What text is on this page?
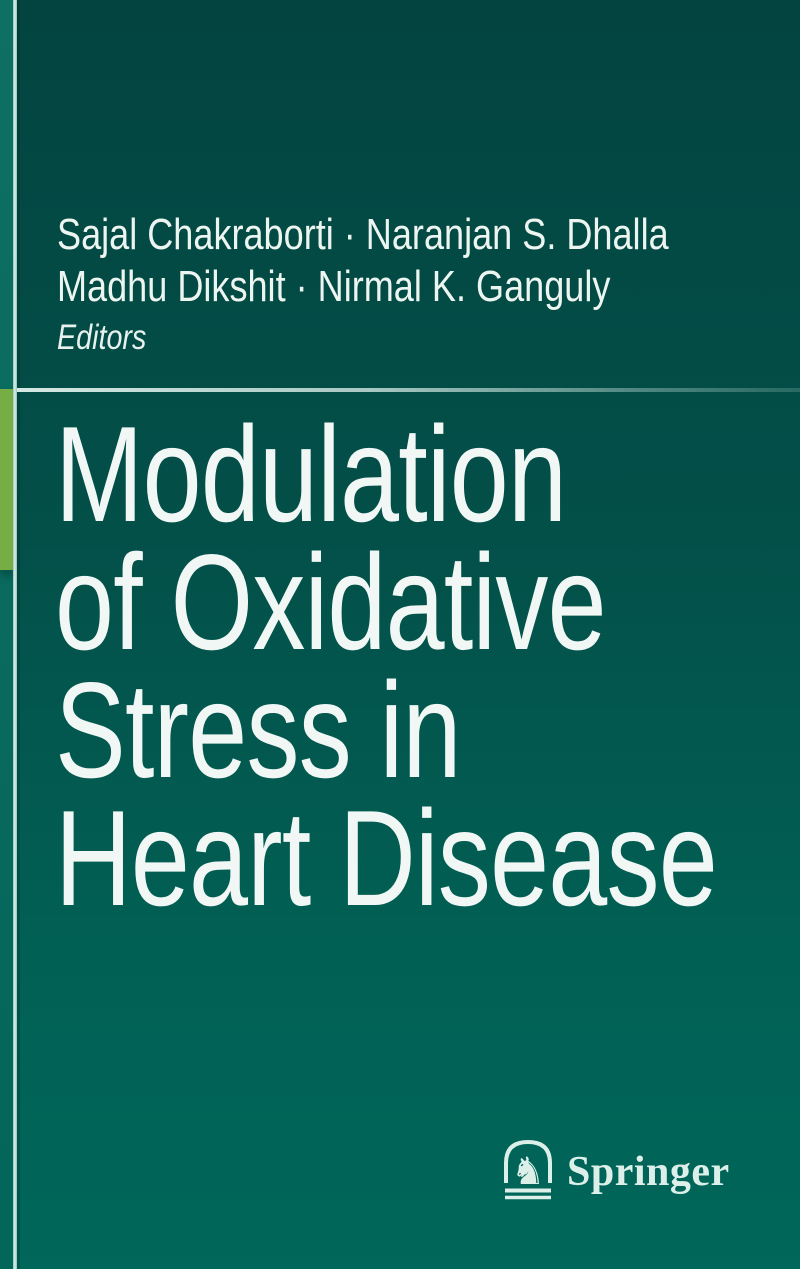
Sajal Chakraborti · Naranjan S. Dhalla
Madhu Dikshit · Nirmal K. Ganguly
Editors
Modulation
of Oxidative
Stress in
Heart Disease
♞ Springer
